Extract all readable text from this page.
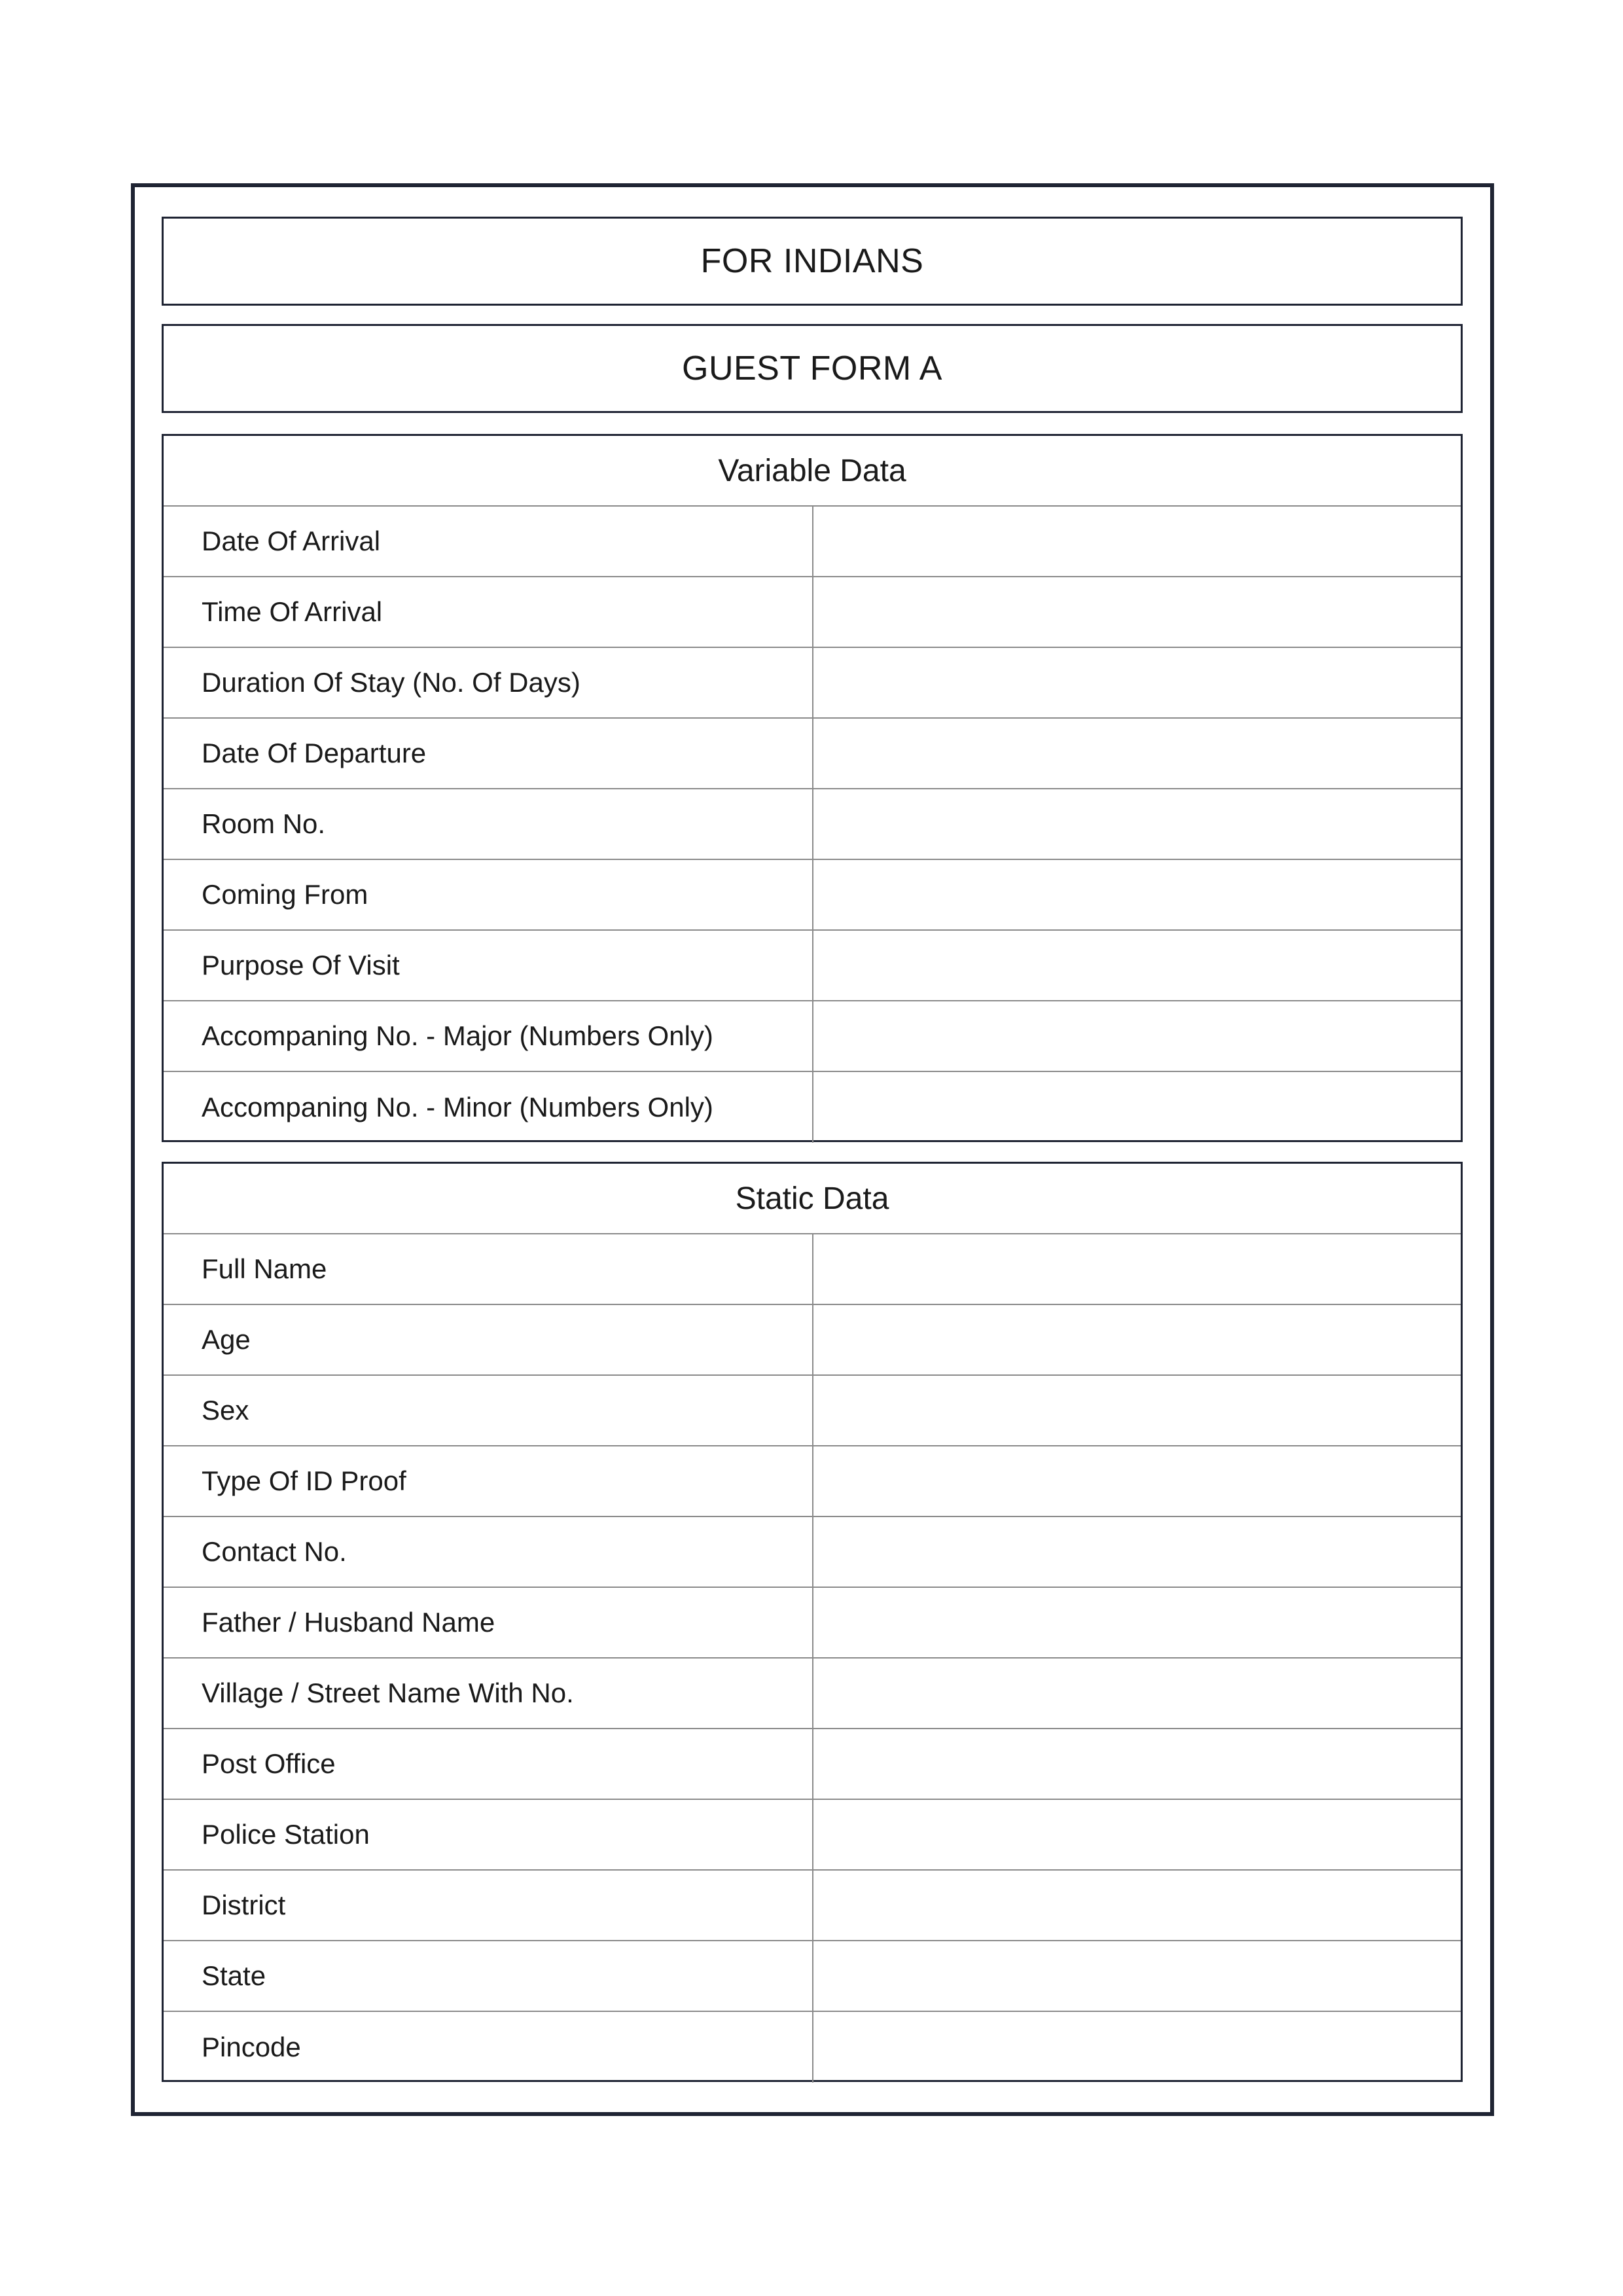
FOR INDIANS
GUEST FORM A
Variable Data
Date Of Arrival
Time Of Arrival
Duration Of Stay (No. Of Days)
Date Of Departure
Room No.
Coming From
Purpose Of Visit
Accompaning No. - Major (Numbers Only)
Accompaning No. - Minor (Numbers Only)
Static Data
Full Name
Age
Sex
Type Of ID Proof
Contact No.
Father / Husband Name
Village / Street Name With No.
Post Office
Police Station
District
State
Pincode
